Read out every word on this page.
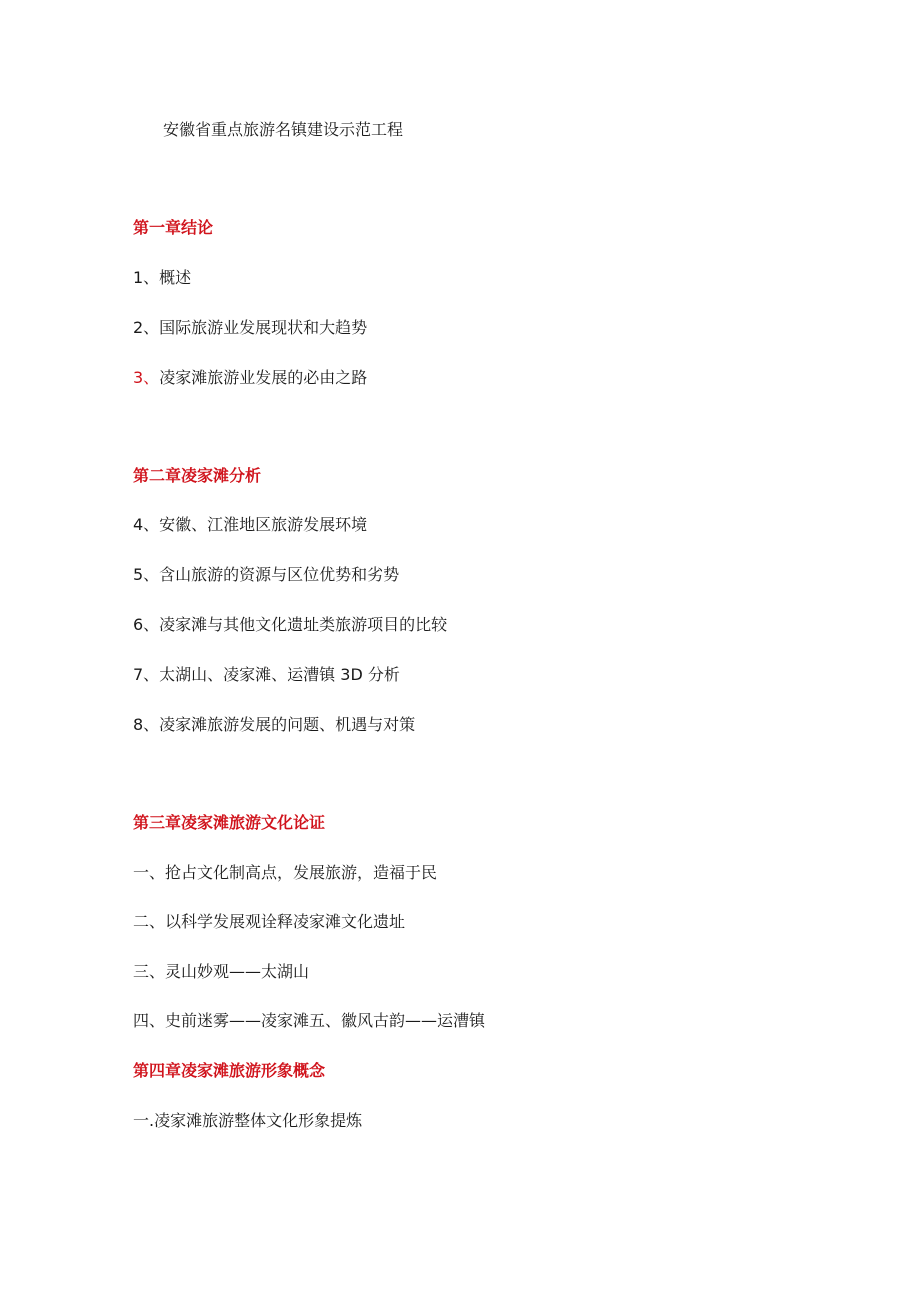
安徽省重点旅游名镇建设示范工程
第一章结论
1、概述
2、国际旅游业发展现状和大趋势
3、凌家滩旅游业发展的必由之路
第二章凌家滩分析
4、安徽、江淮地区旅游发展环境
5、含山旅游的资源与区位优势和劣势
6、凌家滩与其他文化遗址类旅游项目的比较
7、太湖山、凌家滩、运漕镇 3D 分析
8、凌家滩旅游发展的问题、机遇与对策
第三章凌家滩旅游文化论证
一、抢占文化制高点，发展旅游，造福于民
二、以科学发展观诠释凌家滩文化遗址
三、灵山妙观——太湖山
四、史前迷雾——凌家滩五、徽风古韵——运漕镇
第四章凌家滩旅游形象概念
一.凌家滩旅游整体文化形象提炼
